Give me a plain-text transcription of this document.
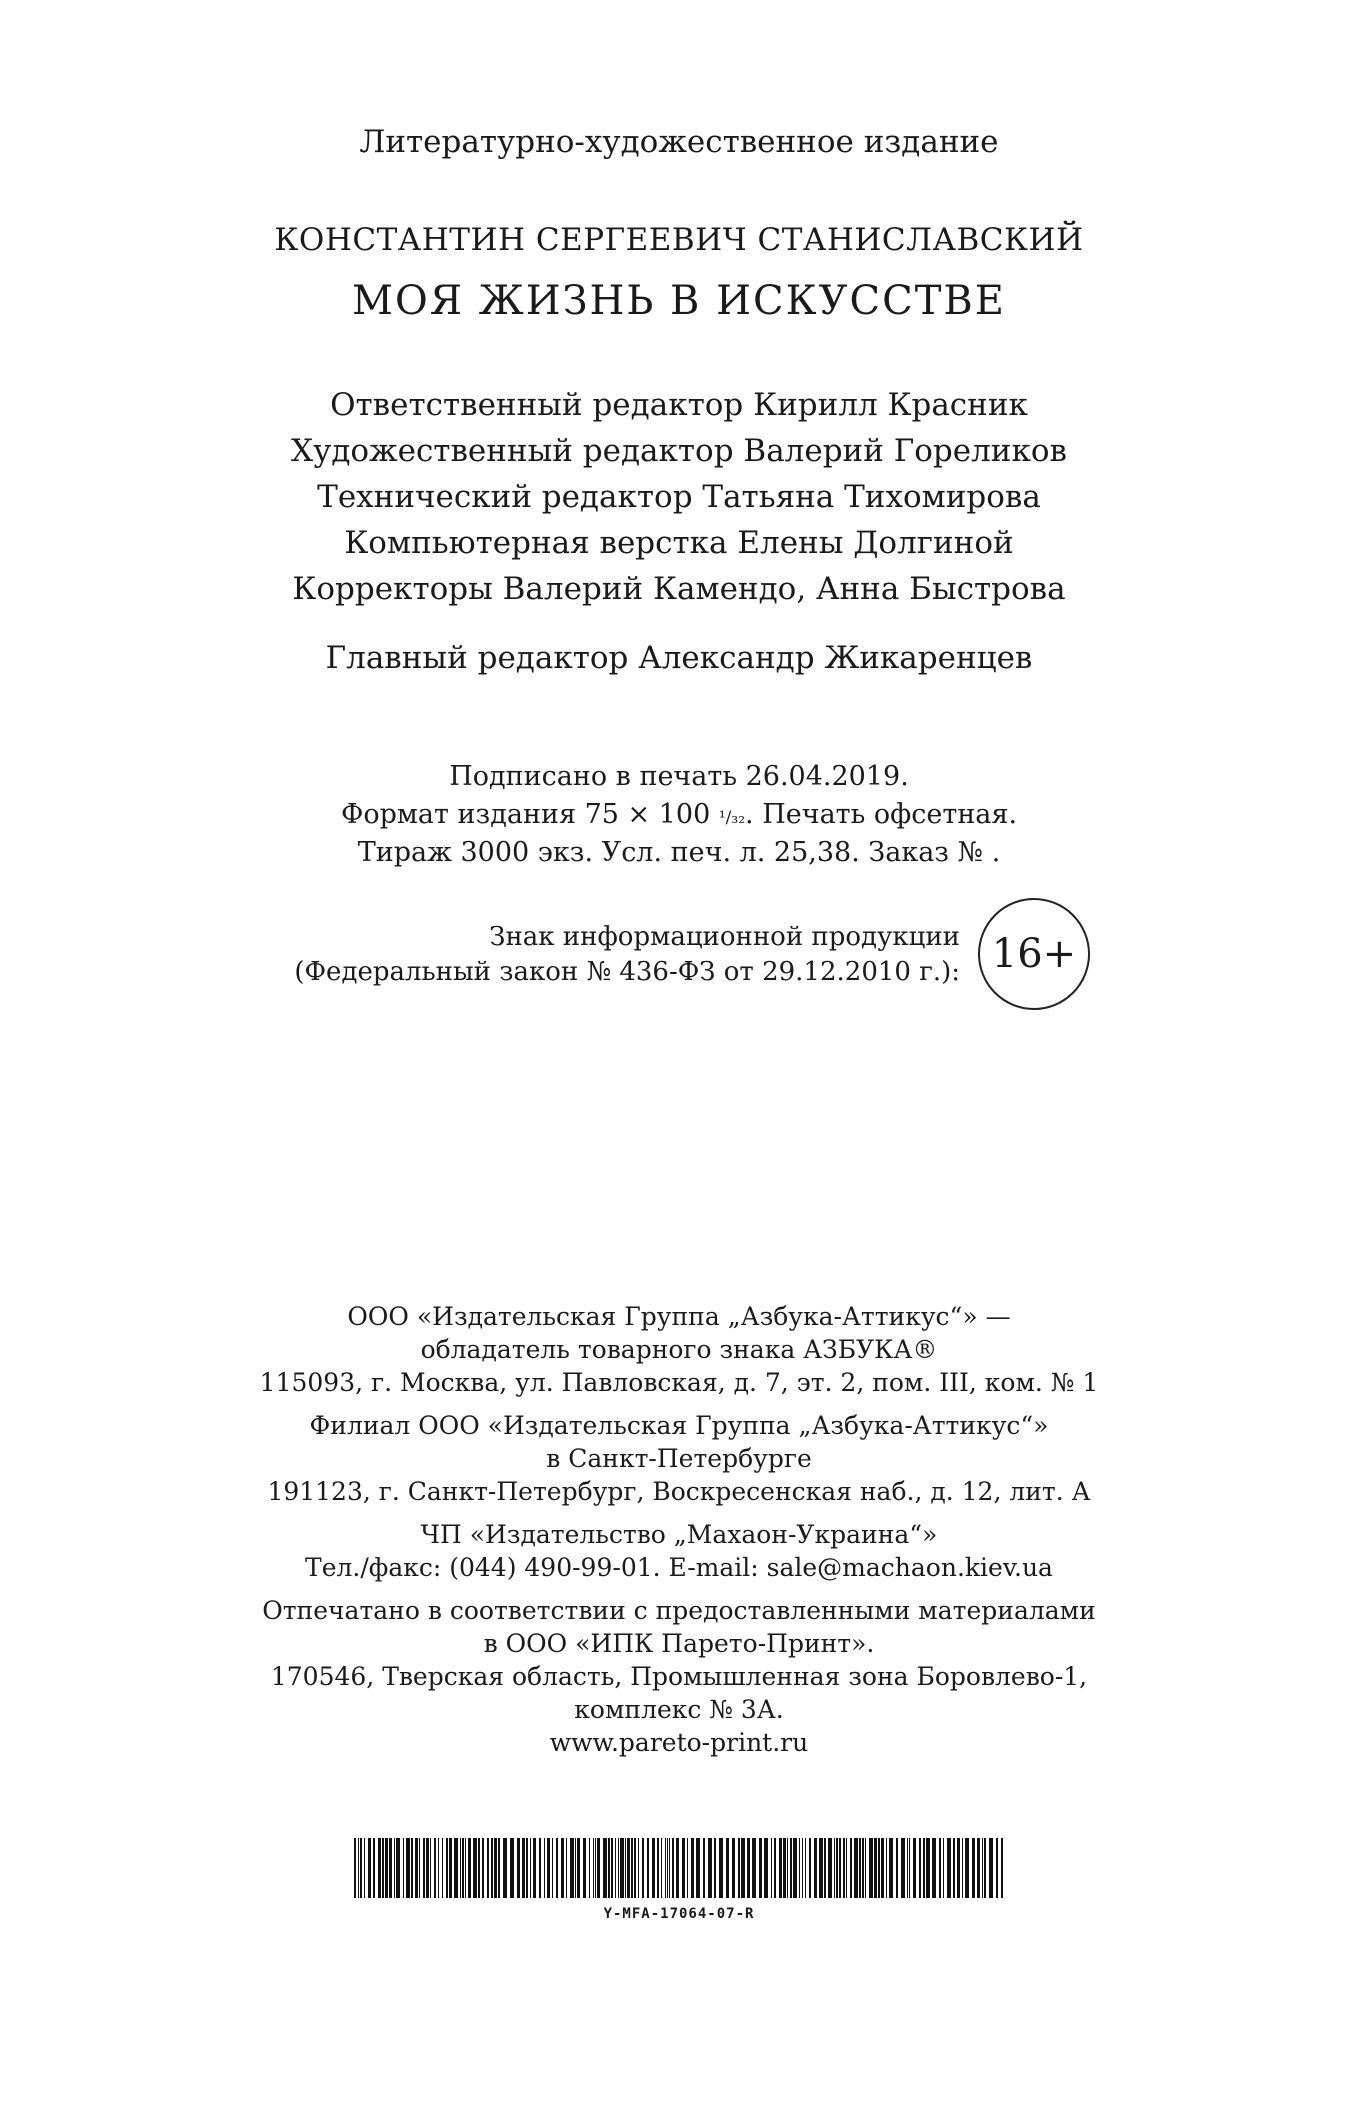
Литературно-художественное издание
КОНСТАНТИН СЕРГЕЕВИЧ СТАНИСЛАВСКИЙ
МОЯ ЖИЗНЬ В ИСКУССТВЕ
Ответственный редактор Кирилл Красник
Художественный редактор Валерий Гореликов
Технический редактор Татьяна Тихомирова
Компьютерная верстка Елены Долгиной
Корректоры Валерий Камендо, Анна Быстрова
Главный редактор Александр Жикаренцев
Подписано в печать 26.04.2019.
Формат издания 75 × 100 ¹/₃₂. Печать офсетная.
Тираж 3000 экз. Усл. печ. л. 25,38. Заказ № .
Знак информационной продукции
(Федеральный закон № 436-ФЗ от 29.12.2010 г.): 16+
ООО «Издательская Группа „Азбука-Аттикус“» —
обладатель товарного знака АЗБУКА®
115093, г. Москва, ул. Павловская, д. 7, эт. 2, пом. III, ком. № 1
Филиал ООО «Издательская Группа „Азбука-Аттикус“»
в Санкт-Петербурге
191123, г. Санкт-Петербург, Воскресенская наб., д. 12, лит. А
ЧП «Издательство „Махаон-Украина“»
Тел./факс: (044) 490-99-01. E-mail: sale@machaon.kiev.ua
Отпечатано в соответствии с предоставленными материалами
в ООО «ИПК Парето-Принт».
170546, Тверская область, Промышленная зона Боровлево-1,
комплекс № 3А.
www.pareto-print.ru
Y-MFA-17064-07-R
